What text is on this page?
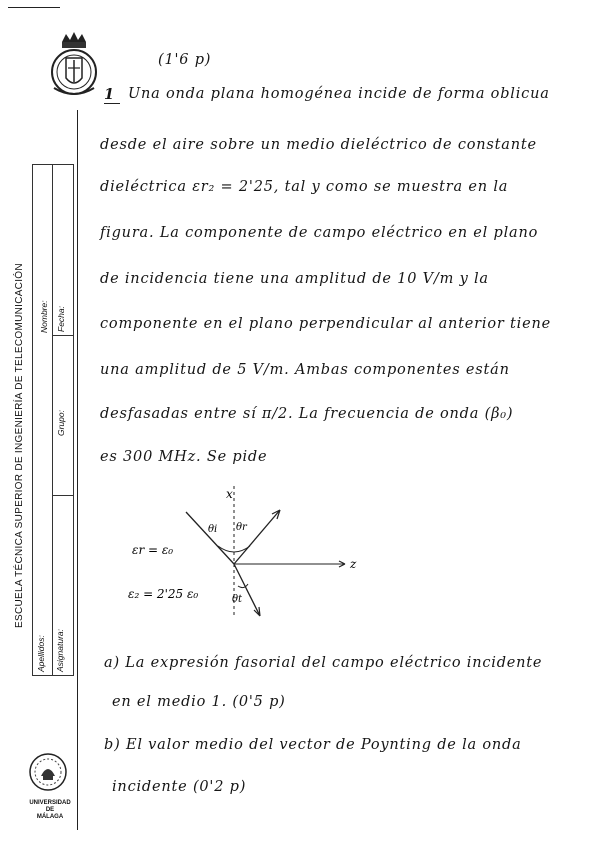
ESCUELA TÉCNICA SUPERIOR DE INGENIERÍA DE TELECOMUNICACIÓN
Apellidos:
Nombre:
Asignatura:
Grupo:
Fecha:
UNIVERSIDAD
DE
MÁLAGA
(1'6 p)
1 Una onda plana homogénea incide de forma oblicua
desde el aire sobre un medio dieléctrico de constante
dieléctrica εr₂ = 2'25, tal y como se muestra en la
figura. La componente de campo eléctrico en el plano
de incidencia tiene una amplitud de 10 V/m y la
componente en el plano perpendicular al anterior tiene
una amplitud de 5 V/m. Ambas componentes están
desfasadas entre sí π/2. La frecuencia de onda (β₀)
es 300 MHz. Se pide
x
z
θi θr
θt
εr = ε₀
ε₂ = 2'25 ε₀
a) La expresión fasorial del campo eléctrico incidente
en el medio 1. (0'5 p)
b) El valor medio del vector de Poynting de la onda
incidente (0'2 p)
